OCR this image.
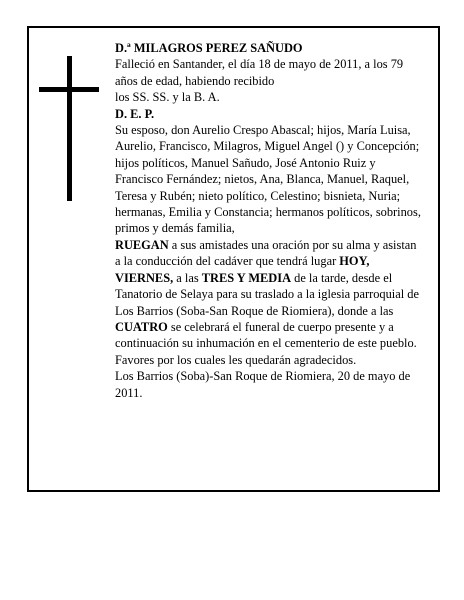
D.ª MILAGROS PEREZ SAÑUDO

Falleció en Santander, el día 18 de mayo de 2011, a los 79 años de edad, habiendo recibido
los SS. SS. y la B. A.

D. E. P.

Su esposo, don Aurelio Crespo Abascal; hijos, María Luisa, Aurelio, Francisco, Milagros, Miguel Angel () y Concepción; hijos políticos, Manuel Sañudo, José Antonio Ruiz y Francisco Fernández; nietos, Ana, Blanca, Manuel, Raquel, Teresa y Rubén; nieto político, Celestino; bisnieta, Nuria; hermanas, Emilia y Constancia; hermanos políticos, sobrinos, primos y demás familia,

RUEGAN a sus amistades una oración por su alma y asistan a la conducción del cadáver que tendrá lugar HOY, VIERNES, a las TRES Y MEDIA de la tarde, desde el Tanatorio de Selaya para su traslado a la iglesia parroquial de Los Barrios (Soba-San Roque de Riomiera), donde a las CUATRO se celebrará el funeral de cuerpo presente y a continuación su inhumación en el cementerio de este pueblo. Favores por los cuales les quedarán agradecidos.

Los Barrios (Soba)-San Roque de Riomiera, 20 de mayo de 2011.
